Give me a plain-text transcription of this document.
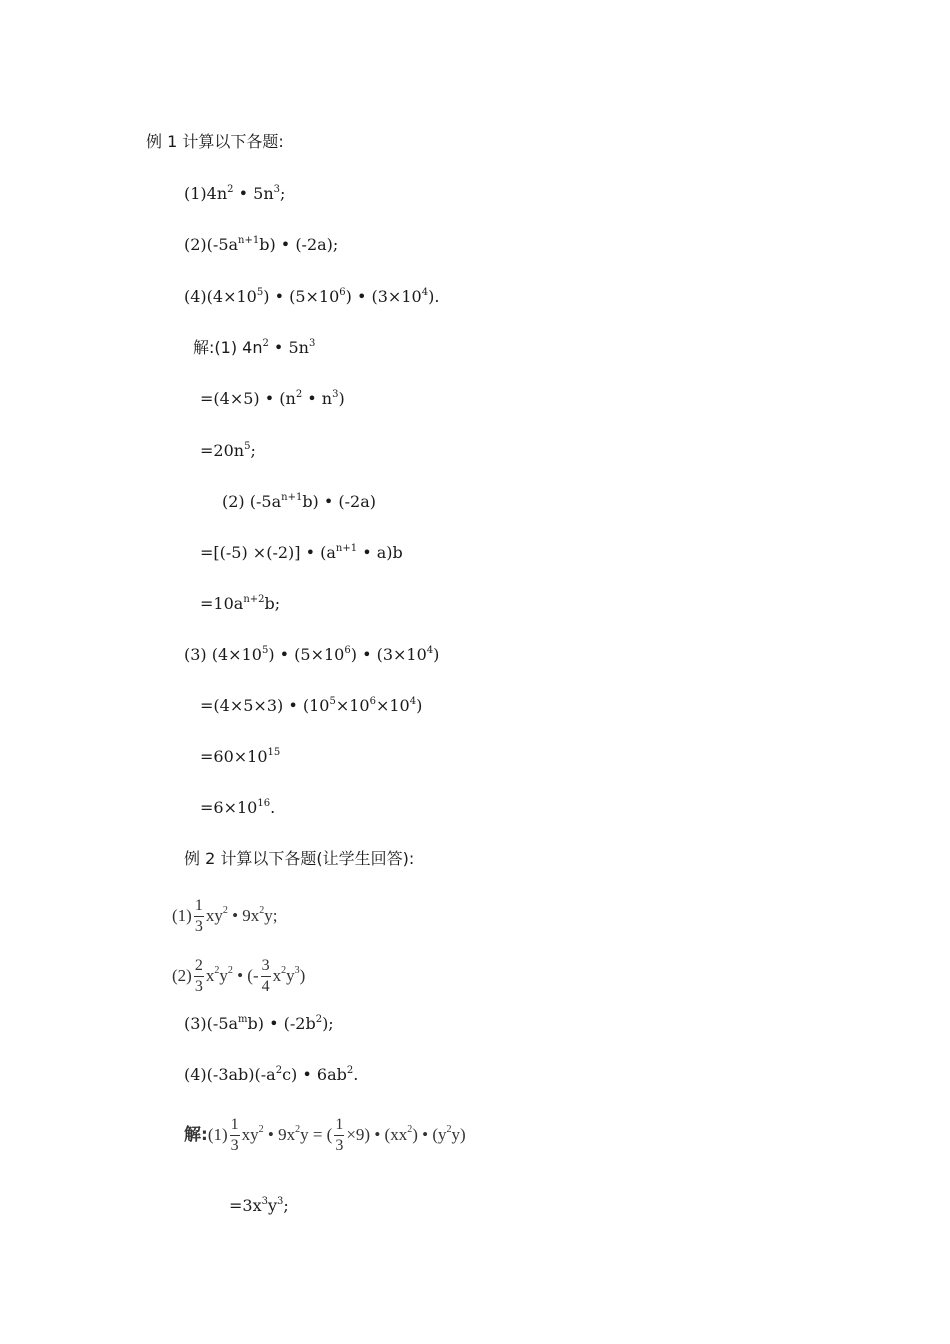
例 1 计算以下各题:
$(1)4n^2$ • $5n^3$;
$(2)(-5a^{n+1}b)$ • (-2a);
$(4)(4\times 10^5)$ • $(5\times 10^6)$ • $(3\times 10^4)$.
解:(1) $4n^2$ • $5n^3$
=(4×5) • ($n^2$ • $n^3$)
$=20n^5$;
(2) $(-5a^{n+1}b)$ • (-2a)
=[(-5) ×(-2)] • ($a^{n+1}$ • a)b
$=10a^{n+2}b$;
(3) $(4\times 10^5)$ • $(5\times 10^6)$ • $(3\times 10^4)$
=(4×5×3) • $(10^5\times 10^6\times 10^4)$
$=60\times 10^{15}$
$=6\times 10^{16}$.
例 2 计算以下各题(让学生回答):
$(1) \frac{1}{3} xy^2$ • $9x^2y$;
$(2) \frac{2}{3} x^2y^2$ • (- $\frac{3}{4} x^2y^3$)
$(3)(-5a^mb)$ • $(-2b^2)$;
$(4)(-3ab)(-a^2c)$ • $6ab^2$.
解:(1) $\frac{1}{3} xy^2$ • $9x^2y$ = ( $\frac{1}{3} \times 9$) • $(xx^2)$ • $(y^2y)$
$=3x^3y^3$;
